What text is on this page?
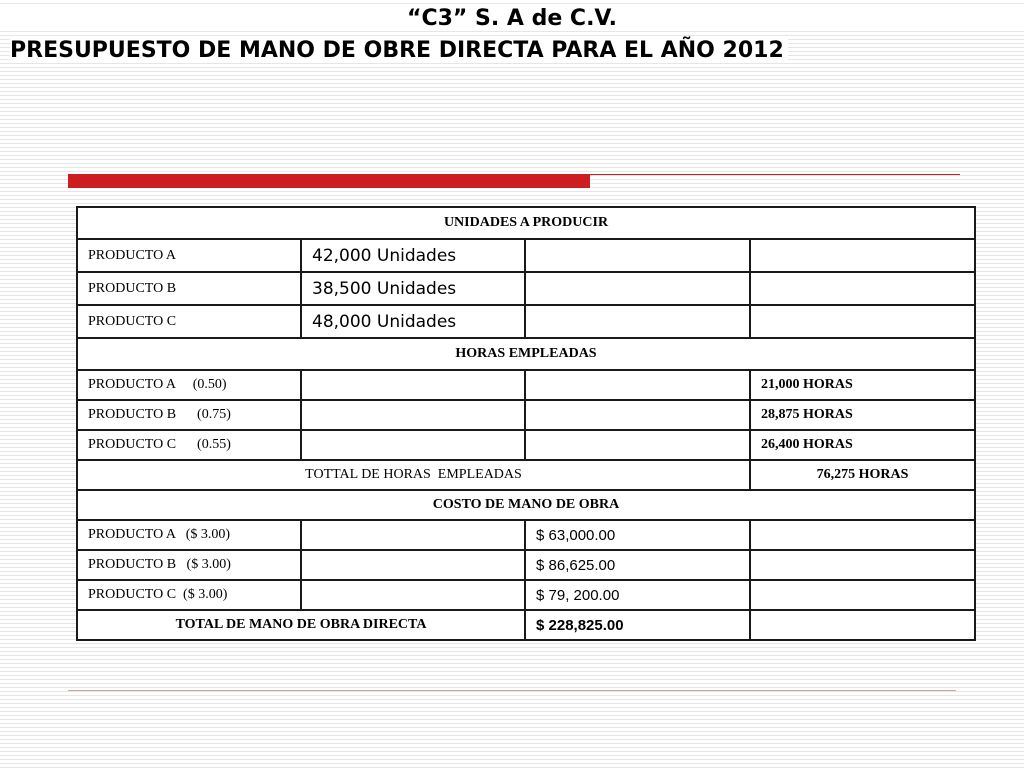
“C3” S. A de C.V.
PRESUPUESTO DE MANO DE OBRE DIRECTA PARA EL AÑO 2012
UNIDADES A PRODUCIR			
PRODUCTO A	42,000 Unidades		
PRODUCTO B	38,500 Unidades		
PRODUCTO C	48,000 Unidades		
HORAS EMPLEADAS			
PRODUCTO A     (0.50)			21,000 HORAS
PRODUCTO B      (0.75)			28,875 HORAS
PRODUCTO C      (0.55)			26,400 HORAS
TOTTAL DE HORAS  EMPLEADAS			76,275 HORAS
COSTO DE MANO DE OBRA			
PRODUCTO A   ($ 3.00)		$ 63,000.00	
PRODUCTO B   ($ 3.00)		$ 86,625.00	
PRODUCTO C  ($ 3.00)		$ 79, 200.00	
TOTAL DE MANO DE OBRA DIRECTA		$ 228,825.00	
